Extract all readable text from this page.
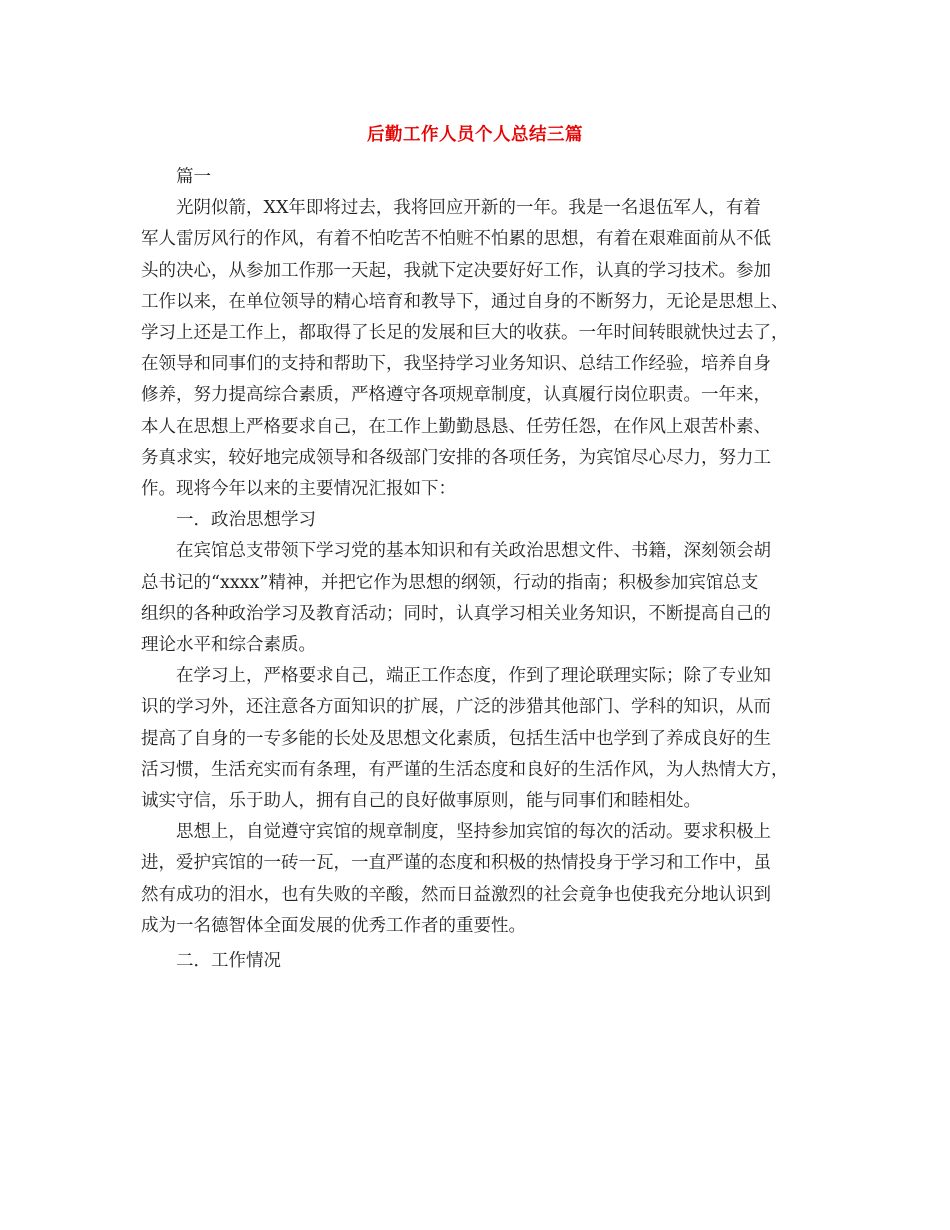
后勤工作人员个人总结三篇

篇一

光阴似箭，XX年即将过去，我将回应开新的一年。我是一名退伍军人，有着
军人雷厉风行的作风，有着不怕吃苦不怕赃不怕累的思想，有着在艰难面前从不低
头的决心，从参加工作那一天起，我就下定决要好好工作，认真的学习技术。参加
工作以来，在单位领导的精心培育和教导下，通过自身的不断努力，无论是思想上、
学习上还是工作上，都取得了长足的发展和巨大的收获。一年时间转眼就快过去了，
在领导和同事们的支持和帮助下，我坚持学习业务知识、总结工作经验，培养自身
修养，努力提高综合素质，严格遵守各项规章制度，认真履行岗位职责。一年来，
本人在思想上严格要求自己，在工作上勤勤恳恳、任劳任怨，在作风上艰苦朴素、
务真求实，较好地完成领导和各级部门安排的各项任务，为宾馆尽心尽力，努力工
作。现将今年以来的主要情况汇报如下：

一．政治思想学习

在宾馆总支带领下学习党的基本知识和有关政治思想文件、书籍，深刻领会胡
总书记的“xxxx”精神，并把它作为思想的纲领，行动的指南；积极参加宾馆总支
组织的各种政治学习及教育活动；同时，认真学习相关业务知识，不断提高自己的
理论水平和综合素质。

在学习上，严格要求自己，端正工作态度，作到了理论联理实际；除了专业知
识的学习外，还注意各方面知识的扩展，广泛的涉猎其他部门、学科的知识，从而
提高了自身的一专多能的长处及思想文化素质，包括生活中也学到了养成良好的生
活习惯，生活充实而有条理，有严谨的生活态度和良好的生活作风，为人热情大方，
诚实守信，乐于助人，拥有自己的良好做事原则，能与同事们和睦相处。

思想上，自觉遵守宾馆的规章制度，坚持参加宾馆的每次的活动。要求积极上
进，爱护宾馆的一砖一瓦，一直严谨的态度和积极的热情投身于学习和工作中，虽
然有成功的泪水，也有失败的辛酸，然而日益激烈的社会竟争也使我充分地认识到
成为一名德智体全面发展的优秀工作者的重要性。

二．工作情况
